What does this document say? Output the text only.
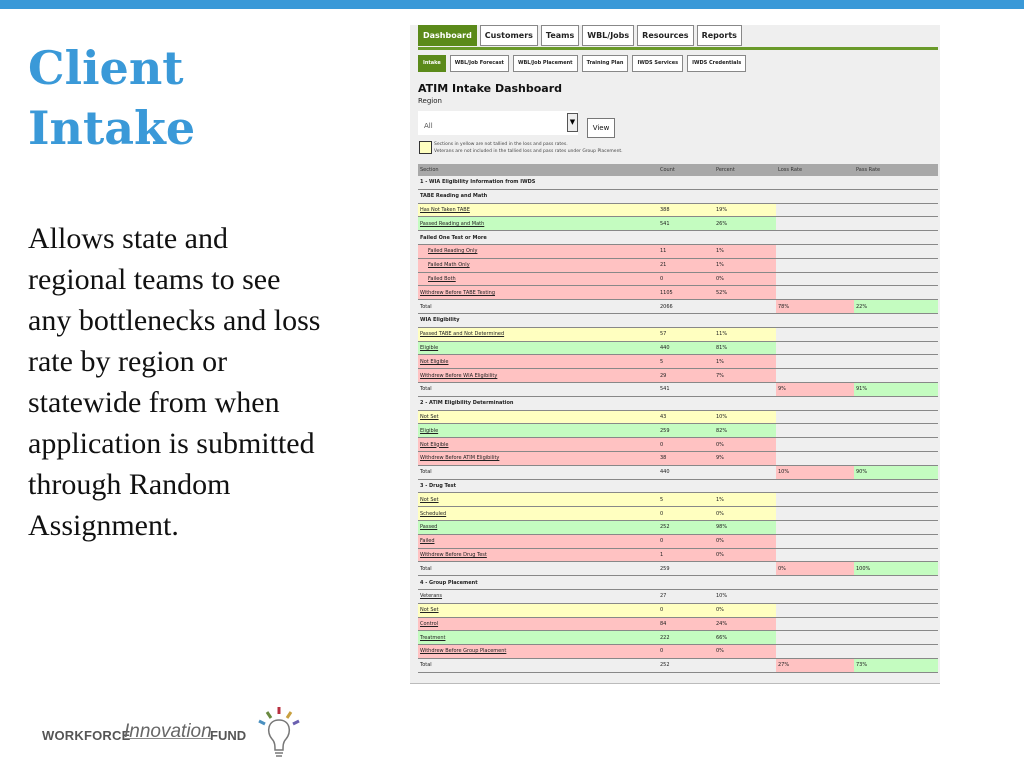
Client
Intake
Allows state and regional teams to see any bottlenecks and loss rate by region or statewide from when application is submitted through Random Assignment.
WORKFORCE
Innovation
FUND
Dashboard	Customers	Teams	WBL/Jobs	Resources	Reports
Intake	WBL/Job Forecast	WBL/Job Placement	Training Plan	IWDS Services	IWDS Credentials
ATIM Intake Dashboard
Region
All	▼
View
Sections in yellow are not tallied in the loss and pass rates.
Veterans are not included in the tallied loss and pass rates under Group Placement.
Section	Count	Percent	Loss Rate	Pass Rate
1 - WIA Eligibility Information from IWDS				
TABE Reading and Math				
Has Not Taken TABE	388	19%		
Passed Reading and Math	541	26%		
Failed One Test or More				
Failed Reading Only	11	1%		
Failed Math Only	21	1%		
Failed Both	0	0%		
Withdrew Before TABE Testing	1105	52%		
Total	2066		78%	22%
WIA Eligibility				
Passed TABE and Not Determined	57	11%		
Eligible	440	81%		
Not Eligible	5	1%		
Withdrew Before WIA Eligibility	29	7%		
Total	541		9%	91%
2 - ATIM Eligibility Determination				
Not Set	43	10%		
Eligible	259	82%		
Not Eligible	0	0%		
Withdrew Before ATIM Eligibility	38	9%		
Total	440		10%	90%
3 - Drug Test				
Not Set	5	1%		
Scheduled	0	0%		
Passed	252	98%		
Failed	0	0%		
Withdrew Before Drug Test	1	0%		
Total	259		0%	100%
4 - Group Placement				
Veterans	27	10%		
Not Set	0	0%		
Control	84	24%		
Treatment	222	66%		
Withdrew Before Group Placement	0	0%		
Total	252		27%	73%
